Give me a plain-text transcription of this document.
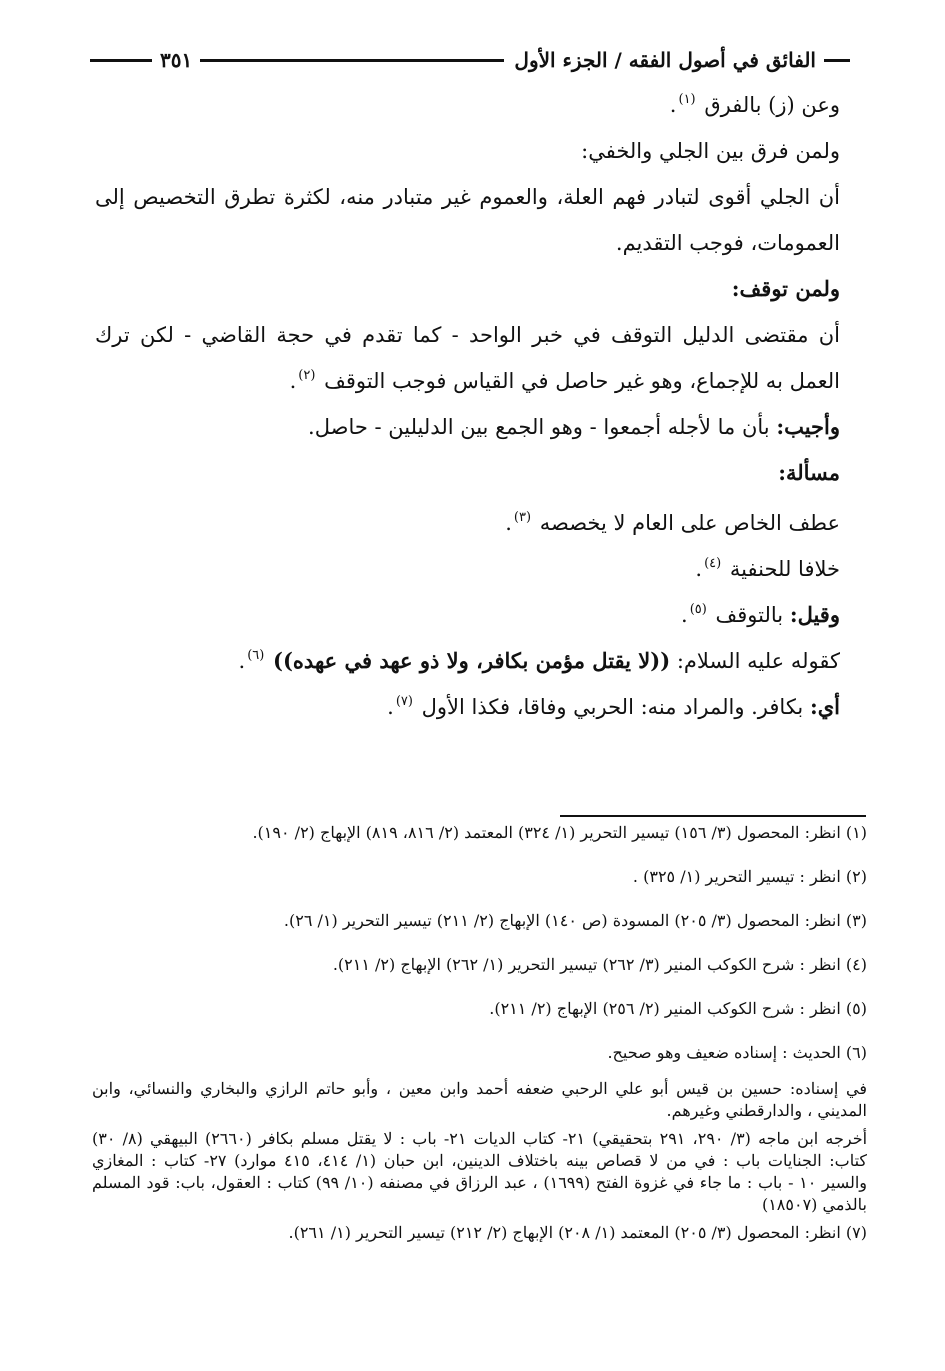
الفائق في أصول الفقه / الجزء الأول
٣٥١

وعن (ز) بالفرق $^{(١)}$.

ولمن فرق بين الجلي والخفي:

أن الجلي أقوى لتبادر فهم العلة، والعموم غير متبادر منه، لكثرة تطرق التخصيص إلى العمومات، فوجب التقديم.

ولمن توقف:

أن مقتضى الدليل التوقف في خبر الواحد - كما تقدم في حجة القاضي - لكن ترك العمل به للإجماع، وهو غير حاصل في القياس فوجب التوقف $^{(٢)}$.

وأجيب: بأن ما لأجله أجمعوا - وهو الجمع بين الدليلين - حاصل.

مسألة:

عطف الخاص على العام لا يخصصه $^{(٣)}$.

خلافا للحنفية $^{(٤)}$.

وقيل: بالتوقف $^{(٥)}$.

كقوله عليه السلام: ((لا يقتل مؤمن بكافر، ولا ذو عهد في عهده)) $^{(٦)}$.

أي: بكافر. والمراد منه: الحربي وفاقا، فكذا الأول $^{(٧)}$.

(١) انظر: المحصول (٣/ ١٥٦) تيسير التحرير (١/ ٣٢٤) المعتمد (٢/ ٨١٦، ٨١٩) الإبهاج (٢/ ١٩٠).

(٢) انظر : تيسير التحرير (١/ ٣٢٥) .

(٣) انظر: المحصول (٣/ ٢٠٥) المسودة (ص ١٤٠) الإبهاج (٢/ ٢١١) تيسير التحرير (١/ ٢٦).

(٤) انظر : شرح الكوكب المنير (٣/ ٢٦٢) تيسير التحرير (١/ ٢٦٢) الإبهاج (٢/ ٢١١).

(٥) انظر : شرح الكوكب المنير (٢/ ٢٥٦) الإبهاج (٢/ ٢١١).

(٦) الحديث : إسناده ضعيف وهو صحيح.

في إسناده: حسين بن قيس أبو علي الرحبي ضعفه أحمد وابن معين ، وأبو حاتم الرازي والبخاري والنسائي، وابن المديني ، والدارقطني وغيرهم.

أخرجه ابن ماجه (٣/ ٢٩٠، ٢٩١ بتحقيقي) ٢١- كتاب الديات ٢١- باب : لا يقتل مسلم بكافر (٢٦٦٠) البيهقي (٨/ ٣٠) كتاب: الجنايات باب : في من لا قصاص بينه باختلاف الدينين، ابن حبان (١/ ٤١٤، ٤١٥ موارد) ٢٧- كتاب : المغازي والسير ١٠ - باب : ما جاء في غزوة الفتح (١٦٩٩) ، عبد الرزاق في مصنفه (١٠/ ٩٩) كتاب : العقول، باب: قود المسلم بالذمي (١٨٥٠٧)

(٧) انظر: المحصول (٣/ ٢٠٥) المعتمد (١/ ٢٠٨) الإبهاج (٢/ ٢١٢) تيسير التحرير (١/ ٢٦١).
